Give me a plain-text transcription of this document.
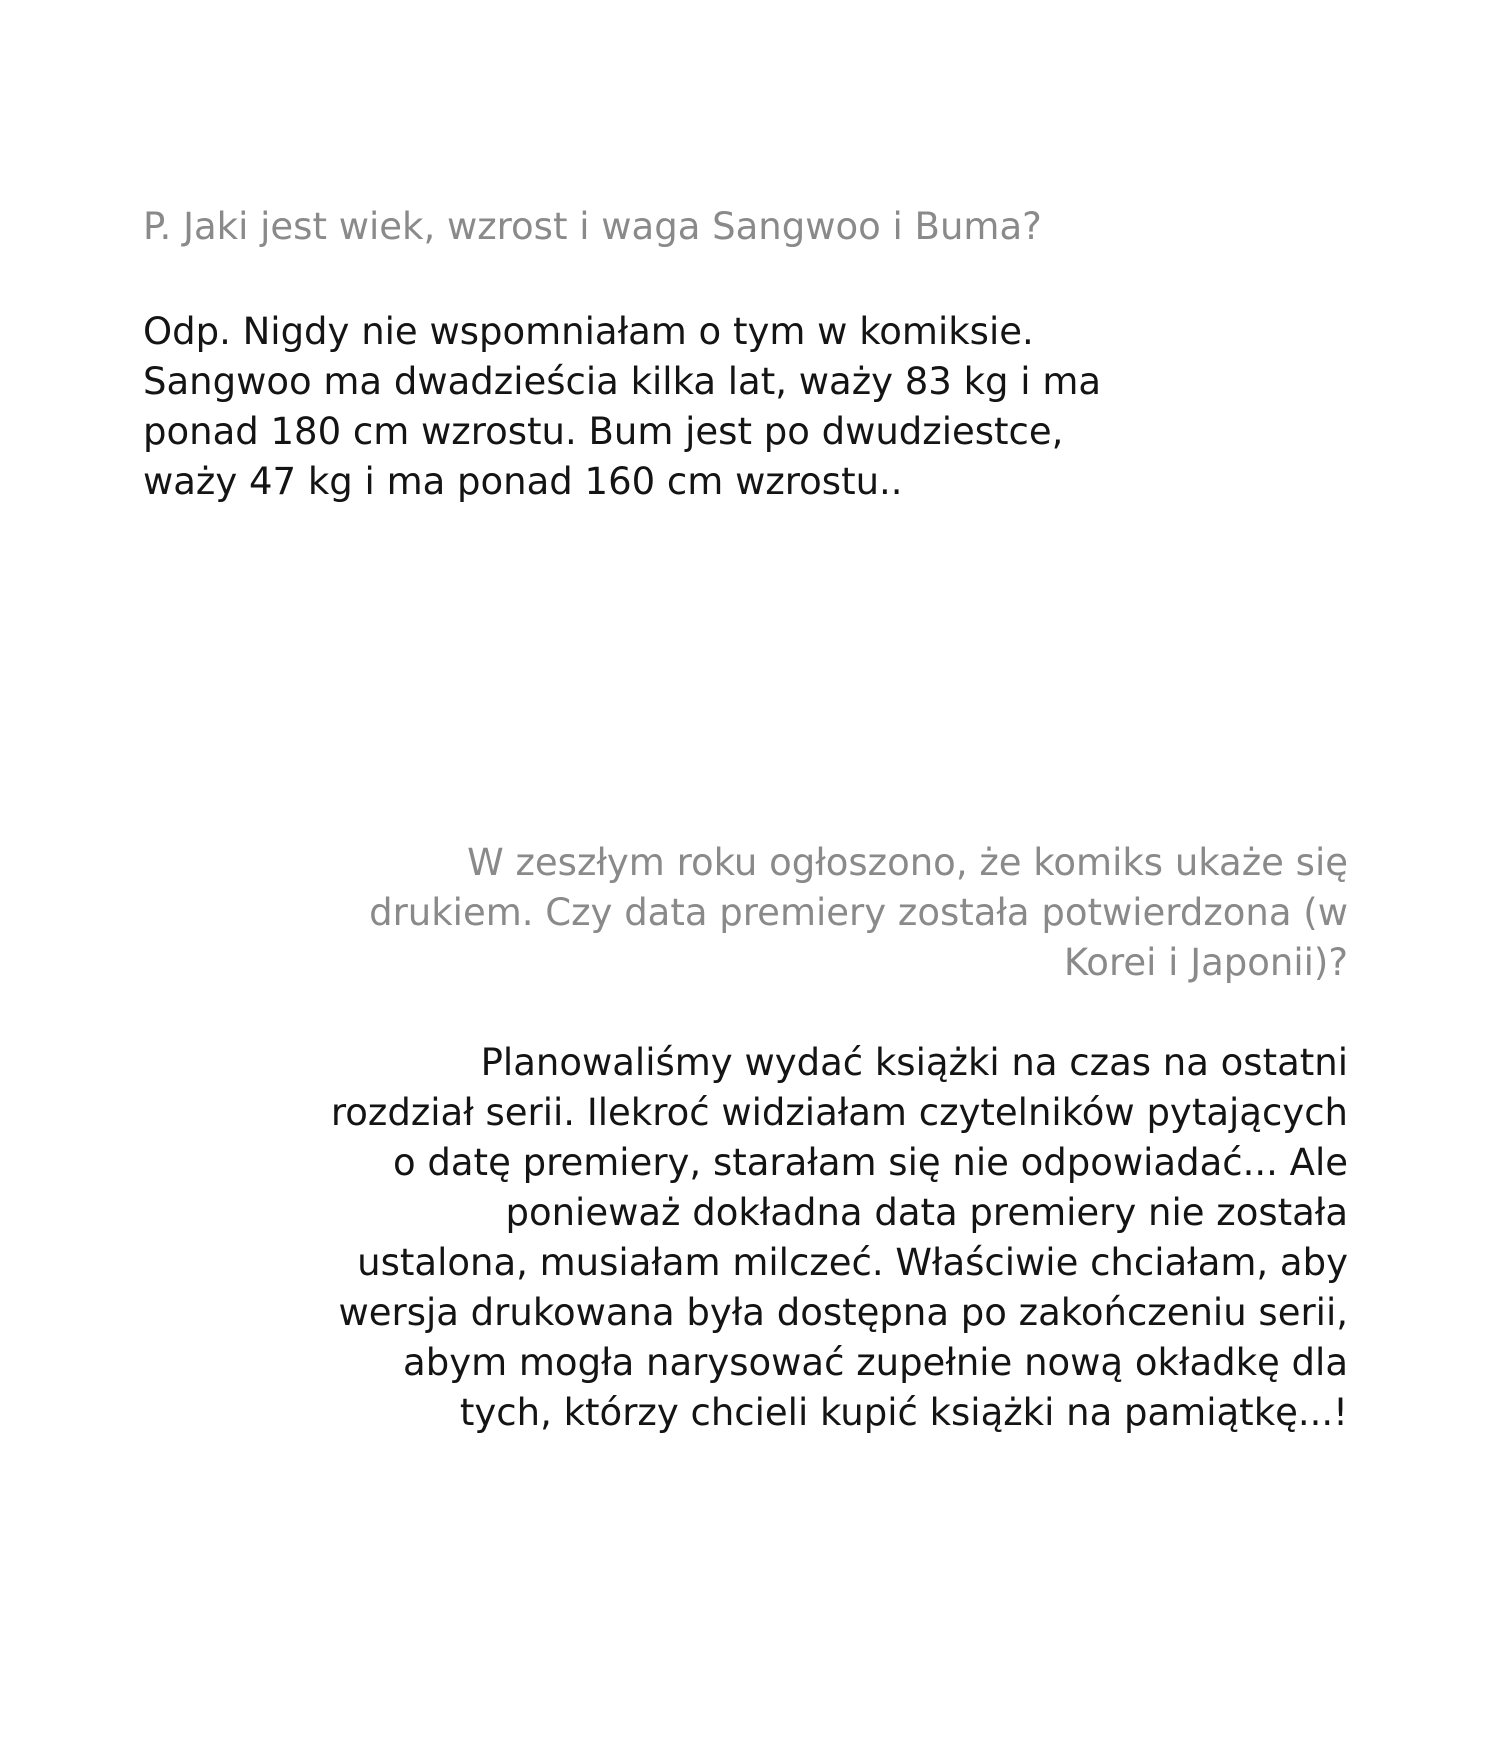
P. Jaki jest wiek, wzrost i waga Sangwoo i Buma?

Odp. Nigdy nie wspomniałam o tym w komiksie.
Sangwoo ma dwadzieścia kilka lat, waży 83 kg i ma
ponad 180 cm wzrostu. Bum jest po dwudziestce,
waży 47 kg i ma ponad 160 cm wzrostu..

W zeszłym roku ogłoszono, że komiks ukaże się
drukiem. Czy data premiery została potwierdzona (w
Korei i Japonii)?

Planowaliśmy wydać książki na czas na ostatni
rozdział serii. Ilekroć widziałam czytelników pytających
o datę premiery, starałam się nie odpowiadać... Ale
ponieważ dokładna data premiery nie została
ustalona, musiałam milczeć. Właściwie chciałam, aby
wersja drukowana była dostępna po zakończeniu serii,
abym mogła narysować zupełnie nową okładkę dla
tych, którzy chcieli kupić książki na pamiątkę...!
